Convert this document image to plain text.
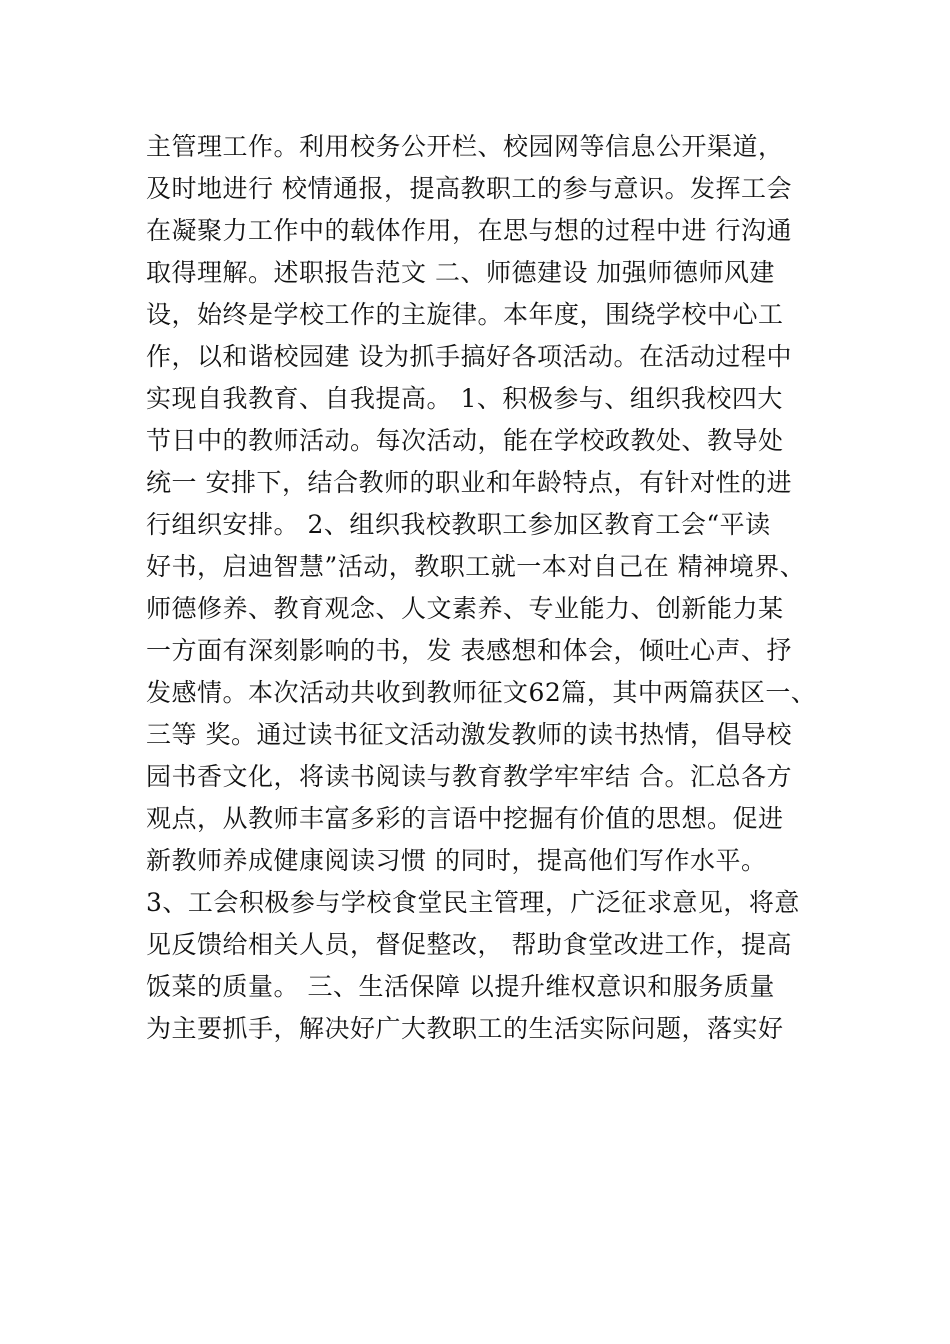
主管理工作。利用校务公开栏、校园网等信息公开渠道，
及时地进行 校情通报，提高教职工的参与意识。发挥工会
在凝聚力工作中的载体作用，在思与想的过程中进 行沟通
取得理解。述职报告范文 二、师德建设 加强师德师风建
设，始终是学校工作的主旋律。本年度，围绕学校中心工
作，以和谐校园建 设为抓手搞好各项活动。在活动过程中
实现自我教育、自我提高。 1、积极参与、组织我校四大
节日中的教师活动。每次活动，能在学校政教处、教导处
统一 安排下，结合教师的职业和年龄特点，有针对性的进
行组织安排。 2、组织我校教职工参加区教育工会“平读
好书，启迪智慧”活动，教职工就一本对自己在 精神境界、
师德修养、教育观念、人文素养、专业能力、创新能力某
一方面有深刻影响的书，发 表感想和体会，倾吐心声、抒
发感情。本次活动共收到教师征文62篇，其中两篇获区一、
三等 奖。通过读书征文活动激发教师的读书热情，倡导校
园书香文化，将读书阅读与教育教学牢牢结 合。汇总各方
观点，从教师丰富多彩的言语中挖掘有价值的思想。促进
新教师养成健康阅读习惯 的同时，提高他们写作水平。
3、工会积极参与学校食堂民主管理，广泛征求意见，将意
见反馈给相关人员，督促整改， 帮助食堂改进工作，提高
饭菜的质量。 三、生活保障 以提升维权意识和服务质量
为主要抓手，解决好广大教职工的生活实际问题，落实好
